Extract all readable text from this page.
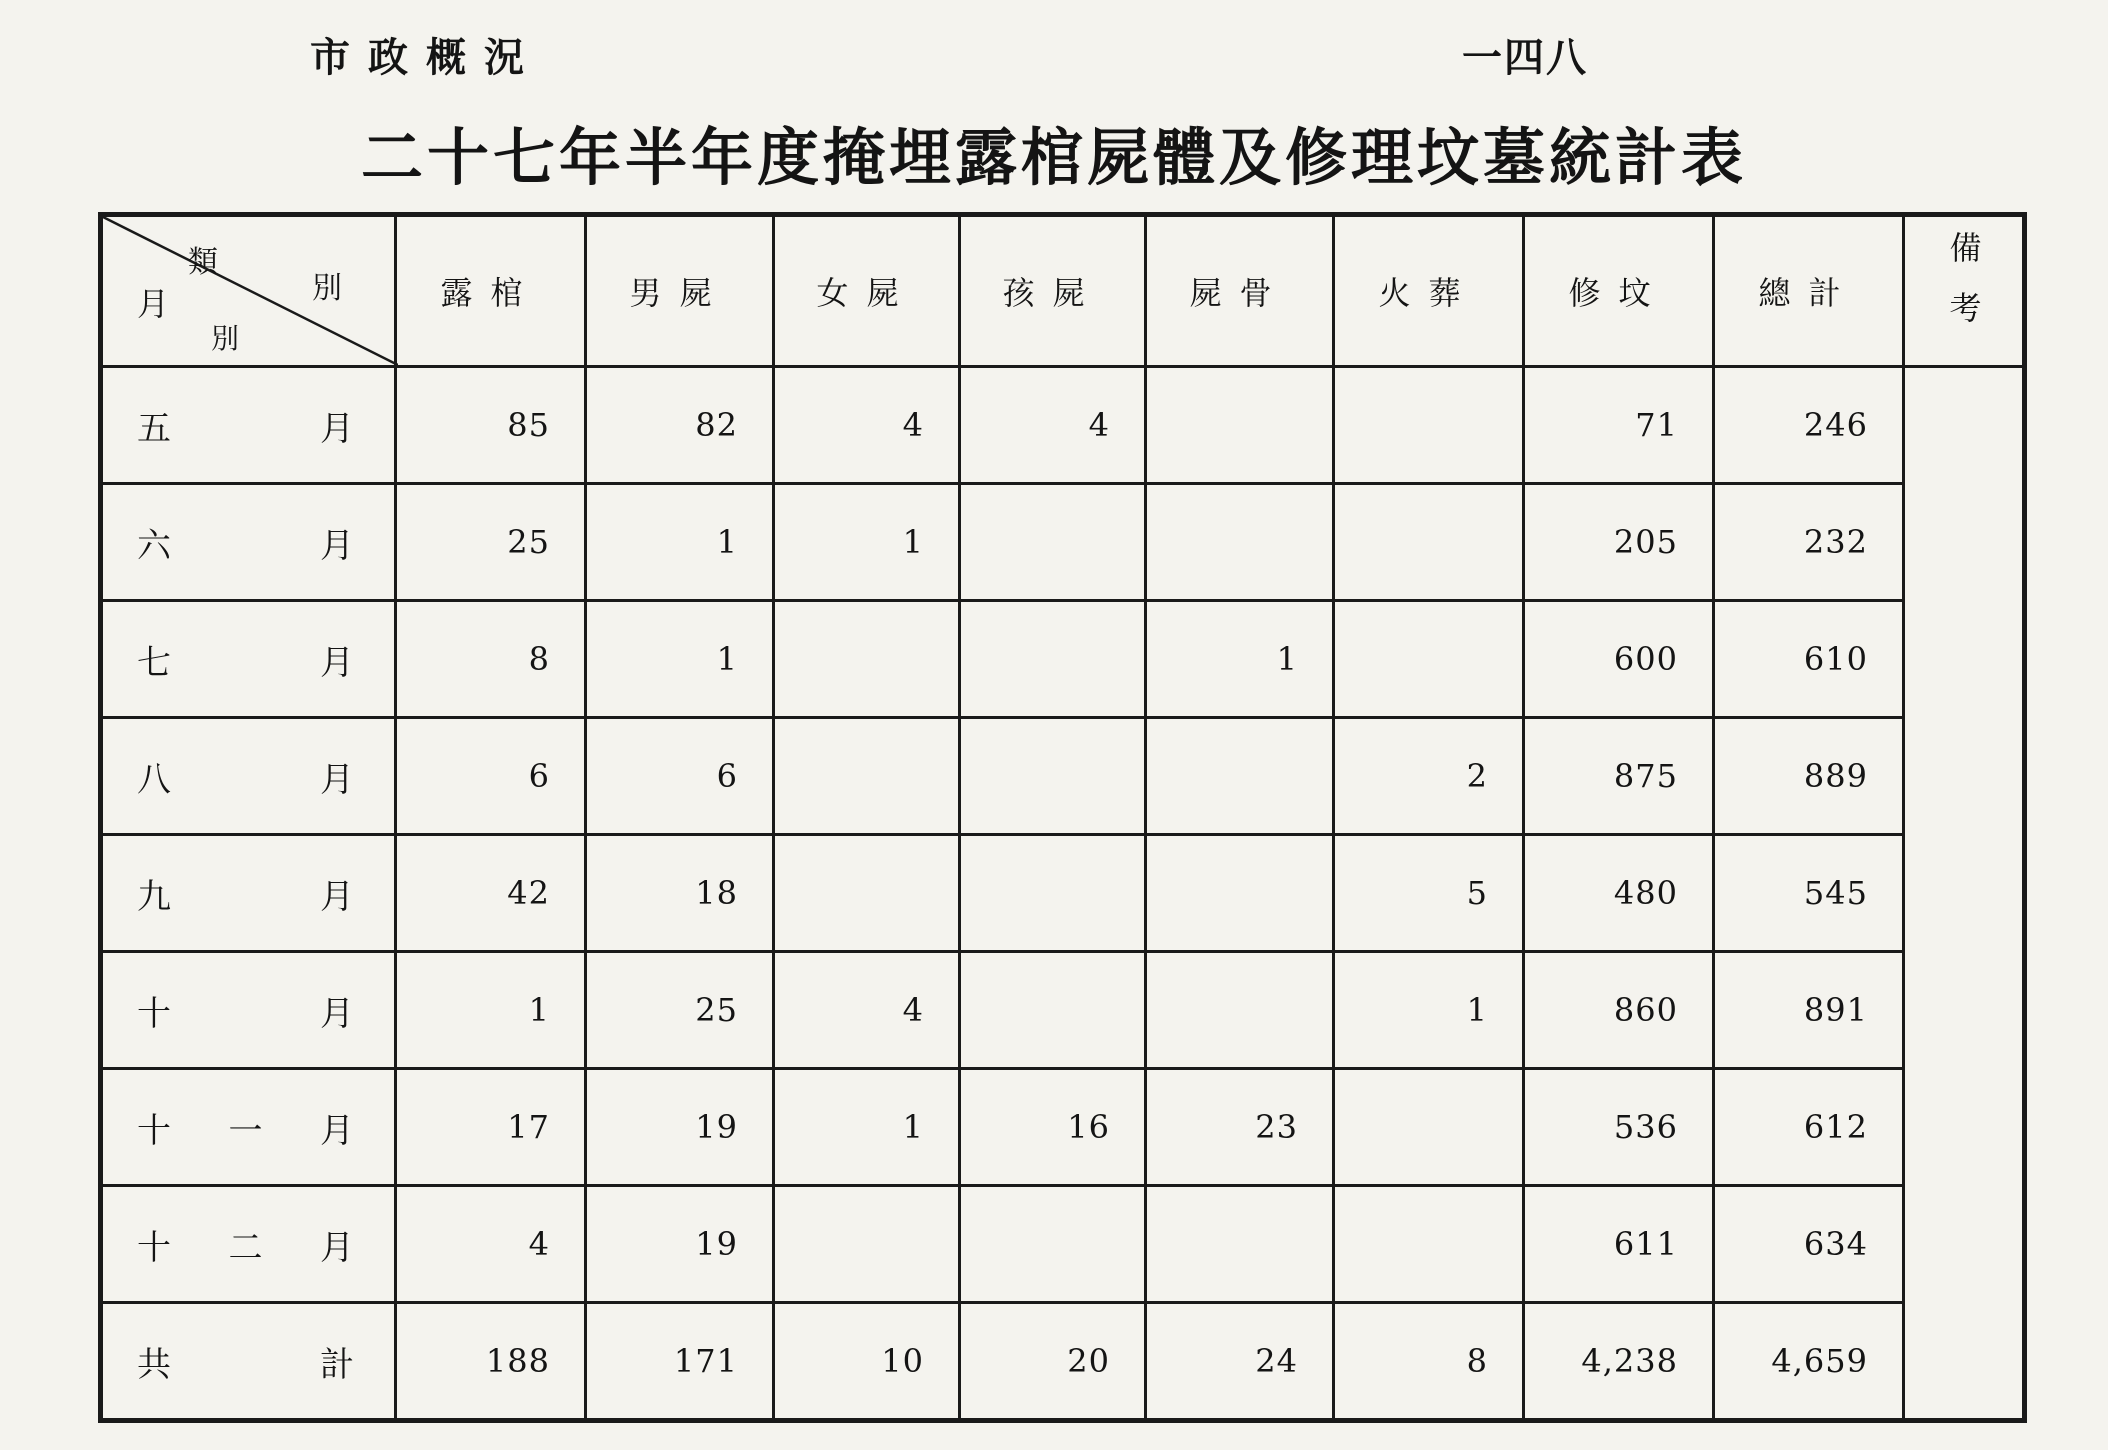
市政概況	一四八
二十七年半年度掩埋露棺屍體及修理坟墓統計表
類
別
月
別	露棺	男屍	女屍	孩屍	屍骨	火葬	修坟	總計	備考

五 月	85	82	4	4			71	246	

六 月	25	1	1				205	232	

七 月	8	1			1		600	610	

八 月	6	6				2	875	889	

九 月	42	18				5	480	545	

十 月	1	25	4			1	860	891	

十 一 月	17	19	1	16	23		536	612	

十 二 月	4	19					611	634	

共 計	188	171	10	20	24	8	4,238	4,659	
